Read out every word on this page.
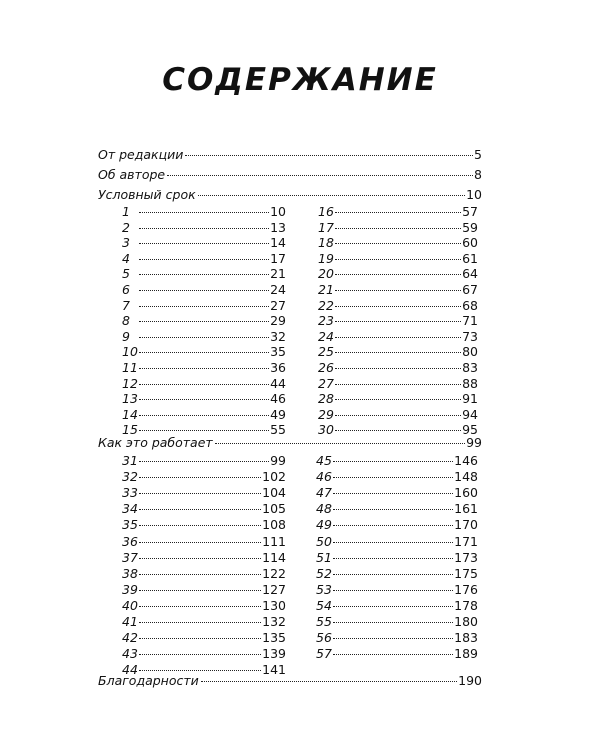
СОДЕРЖАНИЕ
От редакции	5
Об авторе	8
Условный срок	10
1	10
2	13
3	14
4	17
5	21
6	24
7	27
8	29
9	32
10	35
11	36
12	44
13	46
14	49
15	55
16	57
17	59
18	60
19	61
20	64
21	67
22	68
23	71
24	73
25	80
26	83
27	88
28	91
29	94
30	95
Как это работает	99
31	99
32	102
33	104
34	105
35	108
36	111
37	114
38	122
39	127
40	130
41	132
42	135
43	139
44	141
45	146
46	148
47	160
48	161
49	170
50	171
51	173
52	175
53	176
54	178
55	180
56	183
57	189
Благодарности	190
